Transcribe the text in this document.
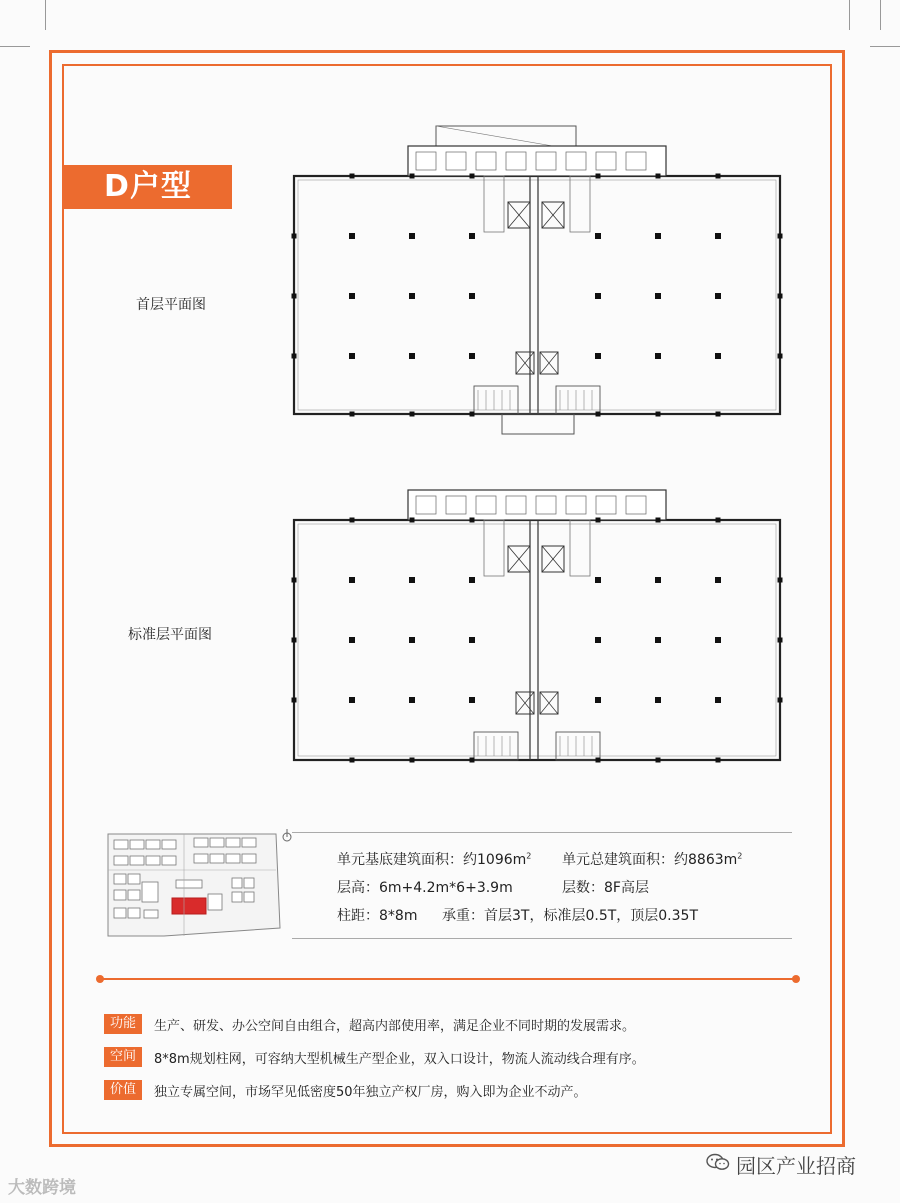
D户型
首层平面图
标准层平面图
单元基底建筑面积：约$1096m^2$ 单元总建筑面积：约$8863m^2$
层高：6m+4.2m*6+3.9m	层数：8F高层
柱距：8*8m 承重：首层3T，标准层0.5T，顶层0.35T
功能	生产、研发、办公空间自由组合，超高内部使用率，满足企业不同时期的发展需求。
空间	8*8m规划柱网，可容纳大型机械生产型企业，双入口设计，物流人流动线合理有序。
价值	独立专属空间，市场罕见低密度50年独立产权厂房，购入即为企业不动产。
大数跨境
园区产业招商
